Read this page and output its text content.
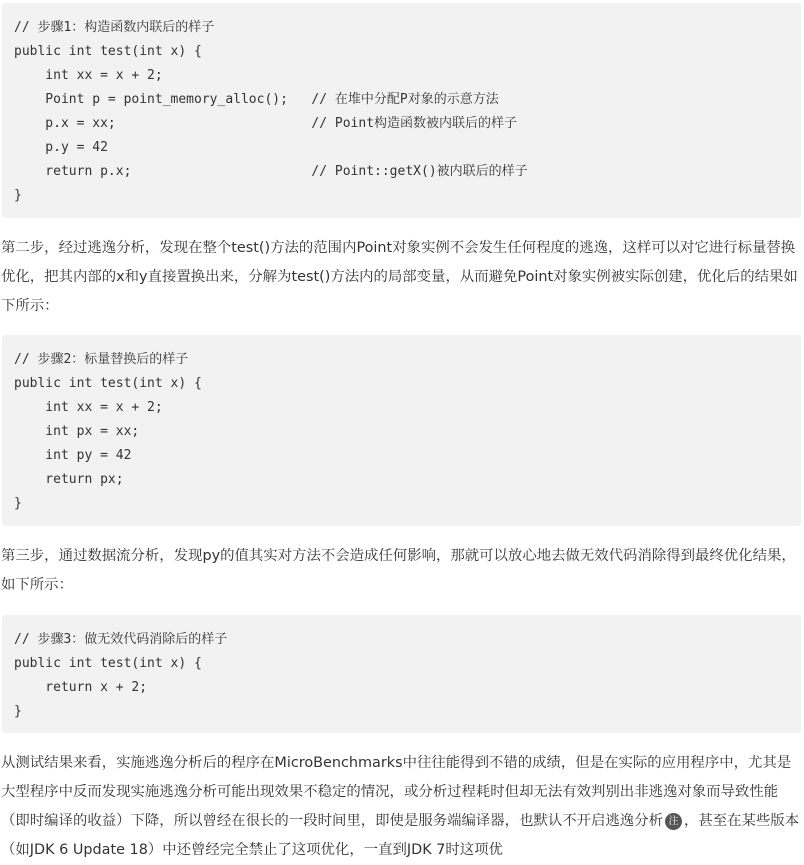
// 步骤1：构造函数内联后的样子
public int test(int x) {
int xx = x + 2;
Point p = point_memory_alloc();   // 在堆中分配P对象的示意方法
p.x = xx;                         // Point构造函数被内联后的样子
p.y = 42
return p.x;                       // Point::getX()被内联后的样子
}

第二步，经过逃逸分析，发现在整个test()方法的范围内Point对象实例不会发生任何程度的逃逸，这样可以对它进行标量替换优化，把其内部的x和y直接置换出来，分解为test()方法内的局部变量，从而避免Point对象实例被实际创建，优化后的结果如下所示：

// 步骤2：标量替换后的样子
public int test(int x) {
int xx = x + 2;
int px = xx;
int py = 42
return px;
}

第三步，通过数据流分析，发现py的值其实对方法不会造成任何影响，那就可以放心地去做无效代码消除得到最终优化结果，如下所示：

// 步骤3：做无效代码消除后的样子
public int test(int x) {
return x + 2;
}

从测试结果来看，实施逃逸分析后的程序在MicroBenchmarks中往往能得到不错的成绩，但是在实际的应用程序中，尤其是大型程序中反而发现实施逃逸分析可能出现效果不稳定的情况，或分析过程耗时但却无法有效判别出非逃逸对象而导致性能（即时编译的收益）下降，所以曾经在很长的一段时间里，即使是服务端编译器，也默认不开启逃逸分析 注 ，甚至在某些版本（如JDK 6 Update 18）中还曾经完全禁止了这项优化，一直到JDK 7时这项优
